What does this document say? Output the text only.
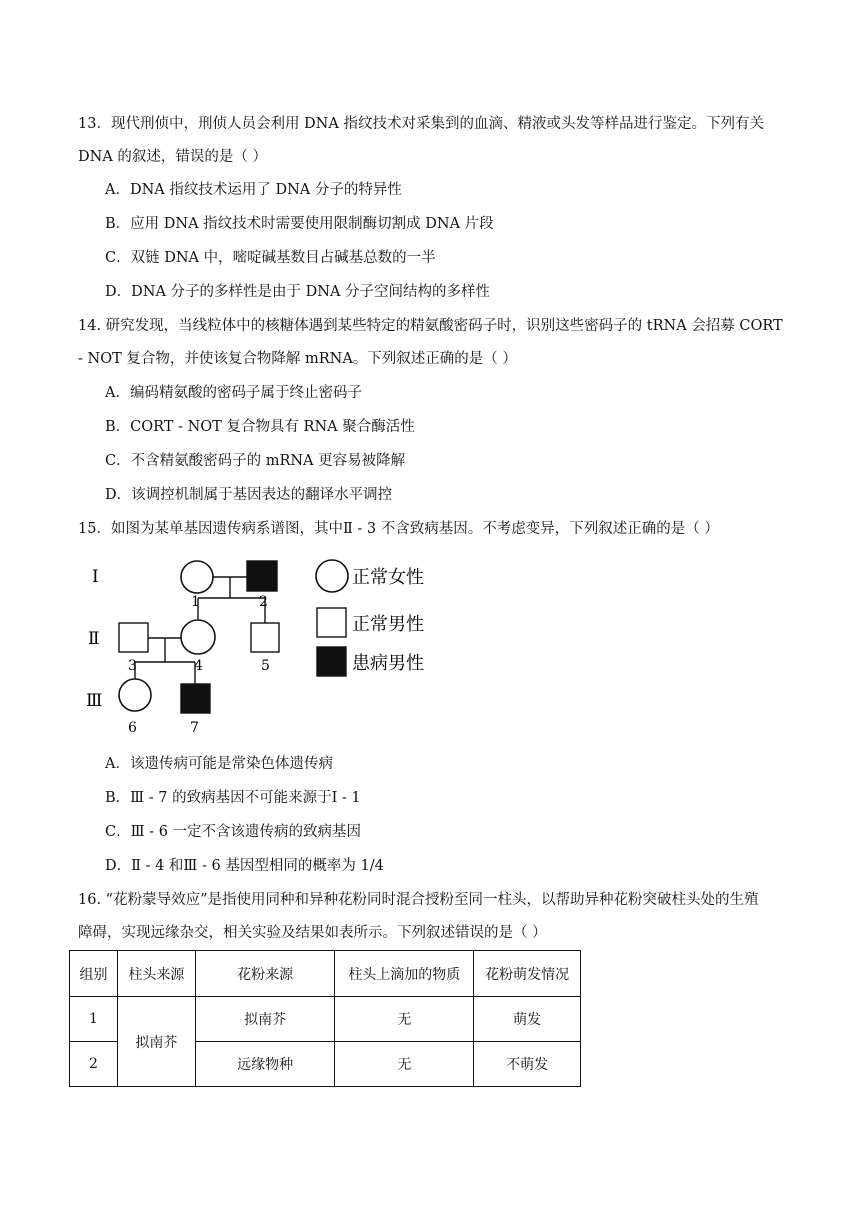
13．现代刑侦中，刑侦人员会利用 DNA 指纹技术对采集到的血滴、精液或头发等样品进行鉴定。下列有关
DNA 的叙述，错误的是（ ）
A．DNA 指纹技术运用了 DNA 分子的特异性
B．应用 DNA 指纹技术时需要使用限制酶切割成 DNA 片段
C．双链 DNA 中，嘧啶碱基数目占碱基总数的一半
D．DNA 分子的多样性是由于 DNA 分子空间结构的多样性
14. 研究发现，当线粒体中的核糖体遇到某些特定的精氨酸密码子时，识别这些密码子的 tRNA 会招募 CORT
- NOT 复合物，并使该复合物降解 mRNA。下列叙述正确的是（ ）
A．编码精氨酸的密码子属于终止密码子
B．CORT - NOT 复合物具有 RNA 聚合酶活性
C．不含精氨酸密码子的 mRNA 更容易被降解
D．该调控机制属于基因表达的翻译水平调控
15．如图为某单基因遗传病系谱图，其中Ⅱ - 3 不含致病基因。不考虑变异，下列叙述正确的是（ ）
Ⅰ
Ⅱ
Ⅲ
1	2
3	4	5
6	7
正常女性
正常男性
患病男性
A．该遗传病可能是常染色体遗传病
B．Ⅲ - 7 的致病基因不可能来源于Ⅰ - 1
C．Ⅲ - 6 一定不含该遗传病的致病基因
D．Ⅱ - 4 和Ⅲ - 6 基因型相同的概率为 1/4
16. “花粉蒙导效应”是指使用同种和异种花粉同时混合授粉至同一柱头，以帮助异种花粉突破柱头处的生殖
障碍，实现远缘杂交，相关实验及结果如表所示。下列叙述错误的是（ ）
组别	柱头来源	花粉来源	柱头上滴加的物质	花粉萌发情况
1	拟南芥	拟南芥	无	萌发
2		远缘物种	无	不萌发
